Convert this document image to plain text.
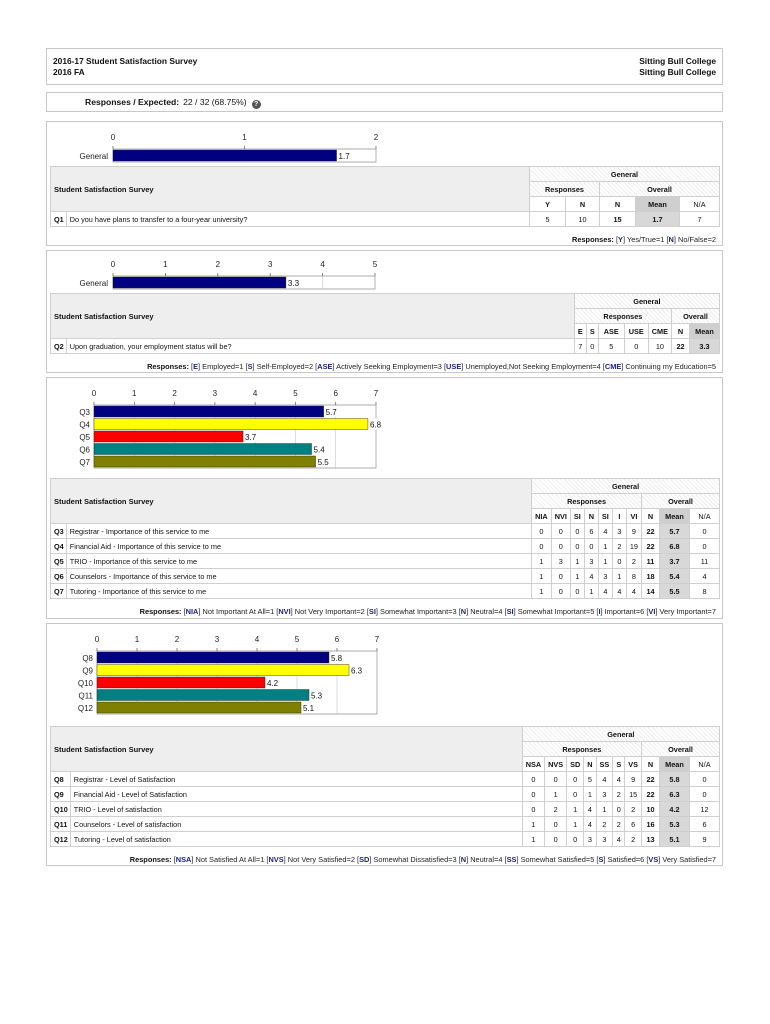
2016-17 Student Satisfaction Survey
2016 FA
Sitting Bull College
Sitting Bull College
Responses / Expected: 22 / 32 (68.75%) ?
0	1	2
General	1.7
Student Satisfaction Survey		General				
		Responses		Overall		
		Y	N	N	Mean	N/A
Q1	Do you have plans to transfer to a four-year university?	5	10	15	1.7	7
Responses: [Y] Yes/True=1 [N] No/False=2
0	1	2	3	4	5
General	3.3
Student Satisfaction Survey		General						
		Responses					Overall	
		E	S	ASE	USE	CME	N	Mean
Q2	Upon graduation, your employment status will be?	7	0	5	0	10	22	3.3
Responses: [E] Employed=1 [S] Self-Employed=2 [ASE] Actively Seeking Employment=3 [USE] Unemployed,Not Seeking Employment=4 [CME] Continuing my Education=5
0	1	2	3	4	5	6	7
Q3	5.7
Q4	6.8
Q5	3.7
Q6	5.4
Q7	5.5
Student Satisfaction Survey		General									
		Responses							Overall		
		NIA	NVI	SI	N	SI	I	VI	N	Mean	N/A
Q3	Registrar - Importance of this service to me	0	0	0	6	4	3	9	22	5.7	0
Q4	Financial Aid - Importance of this service to me	0	0	0	0	1	2	19	22	6.8	0
Q5	TRIO - Importance of this service to me	1	3	1	3	1	0	2	11	3.7	11
Q6	Counselors - Importance of this service to me	1	0	1	4	3	1	8	18	5.4	4
Q7	Tutoring - Importance of this service to me	1	0	0	1	4	4	4	14	5.5	8
Responses: [NIA] Not Important At All=1 [NVI] Not Very Important=2 [SI] Somewhat Important=3 [N] Neutral=4 [SI] Somewhat Important=5 [I] Important=6 [VI] Very Important=7
0	1	2	3	4	5	6	7
Q8	5.8
Q9	6.3
Q10	4.2
Q11	5.3
Q12	5.1
Student Satisfaction Survey		General									
		Responses							Overall		
		NSA	NVS	SD	N	SS	S	VS	N	Mean	N/A
Q8	Registrar - Level of Satisfaction	0	0	0	5	4	4	9	22	5.8	0
Q9	Financial Aid - Level of Satisfaction	0	1	0	1	3	2	15	22	6.3	0
Q10	TRIO - Level of satisfaction	0	2	1	4	1	0	2	10	4.2	12
Q11	Counselors - Level of satisfaction	1	0	1	4	2	2	6	16	5.3	6
Q12	Tutoring - Level of satisfaction	1	0	0	3	3	4	2	13	5.1	9
Responses: [NSA] Not Satisfied At All=1 [NVS] Not Very Satisfied=2 [SD] Somewhat Dissatisfied=3 [N] Neutral=4 [SS] Somewhat Satisfied=5 [S] Satisfied=6 [VS] Very Satisfied=7
